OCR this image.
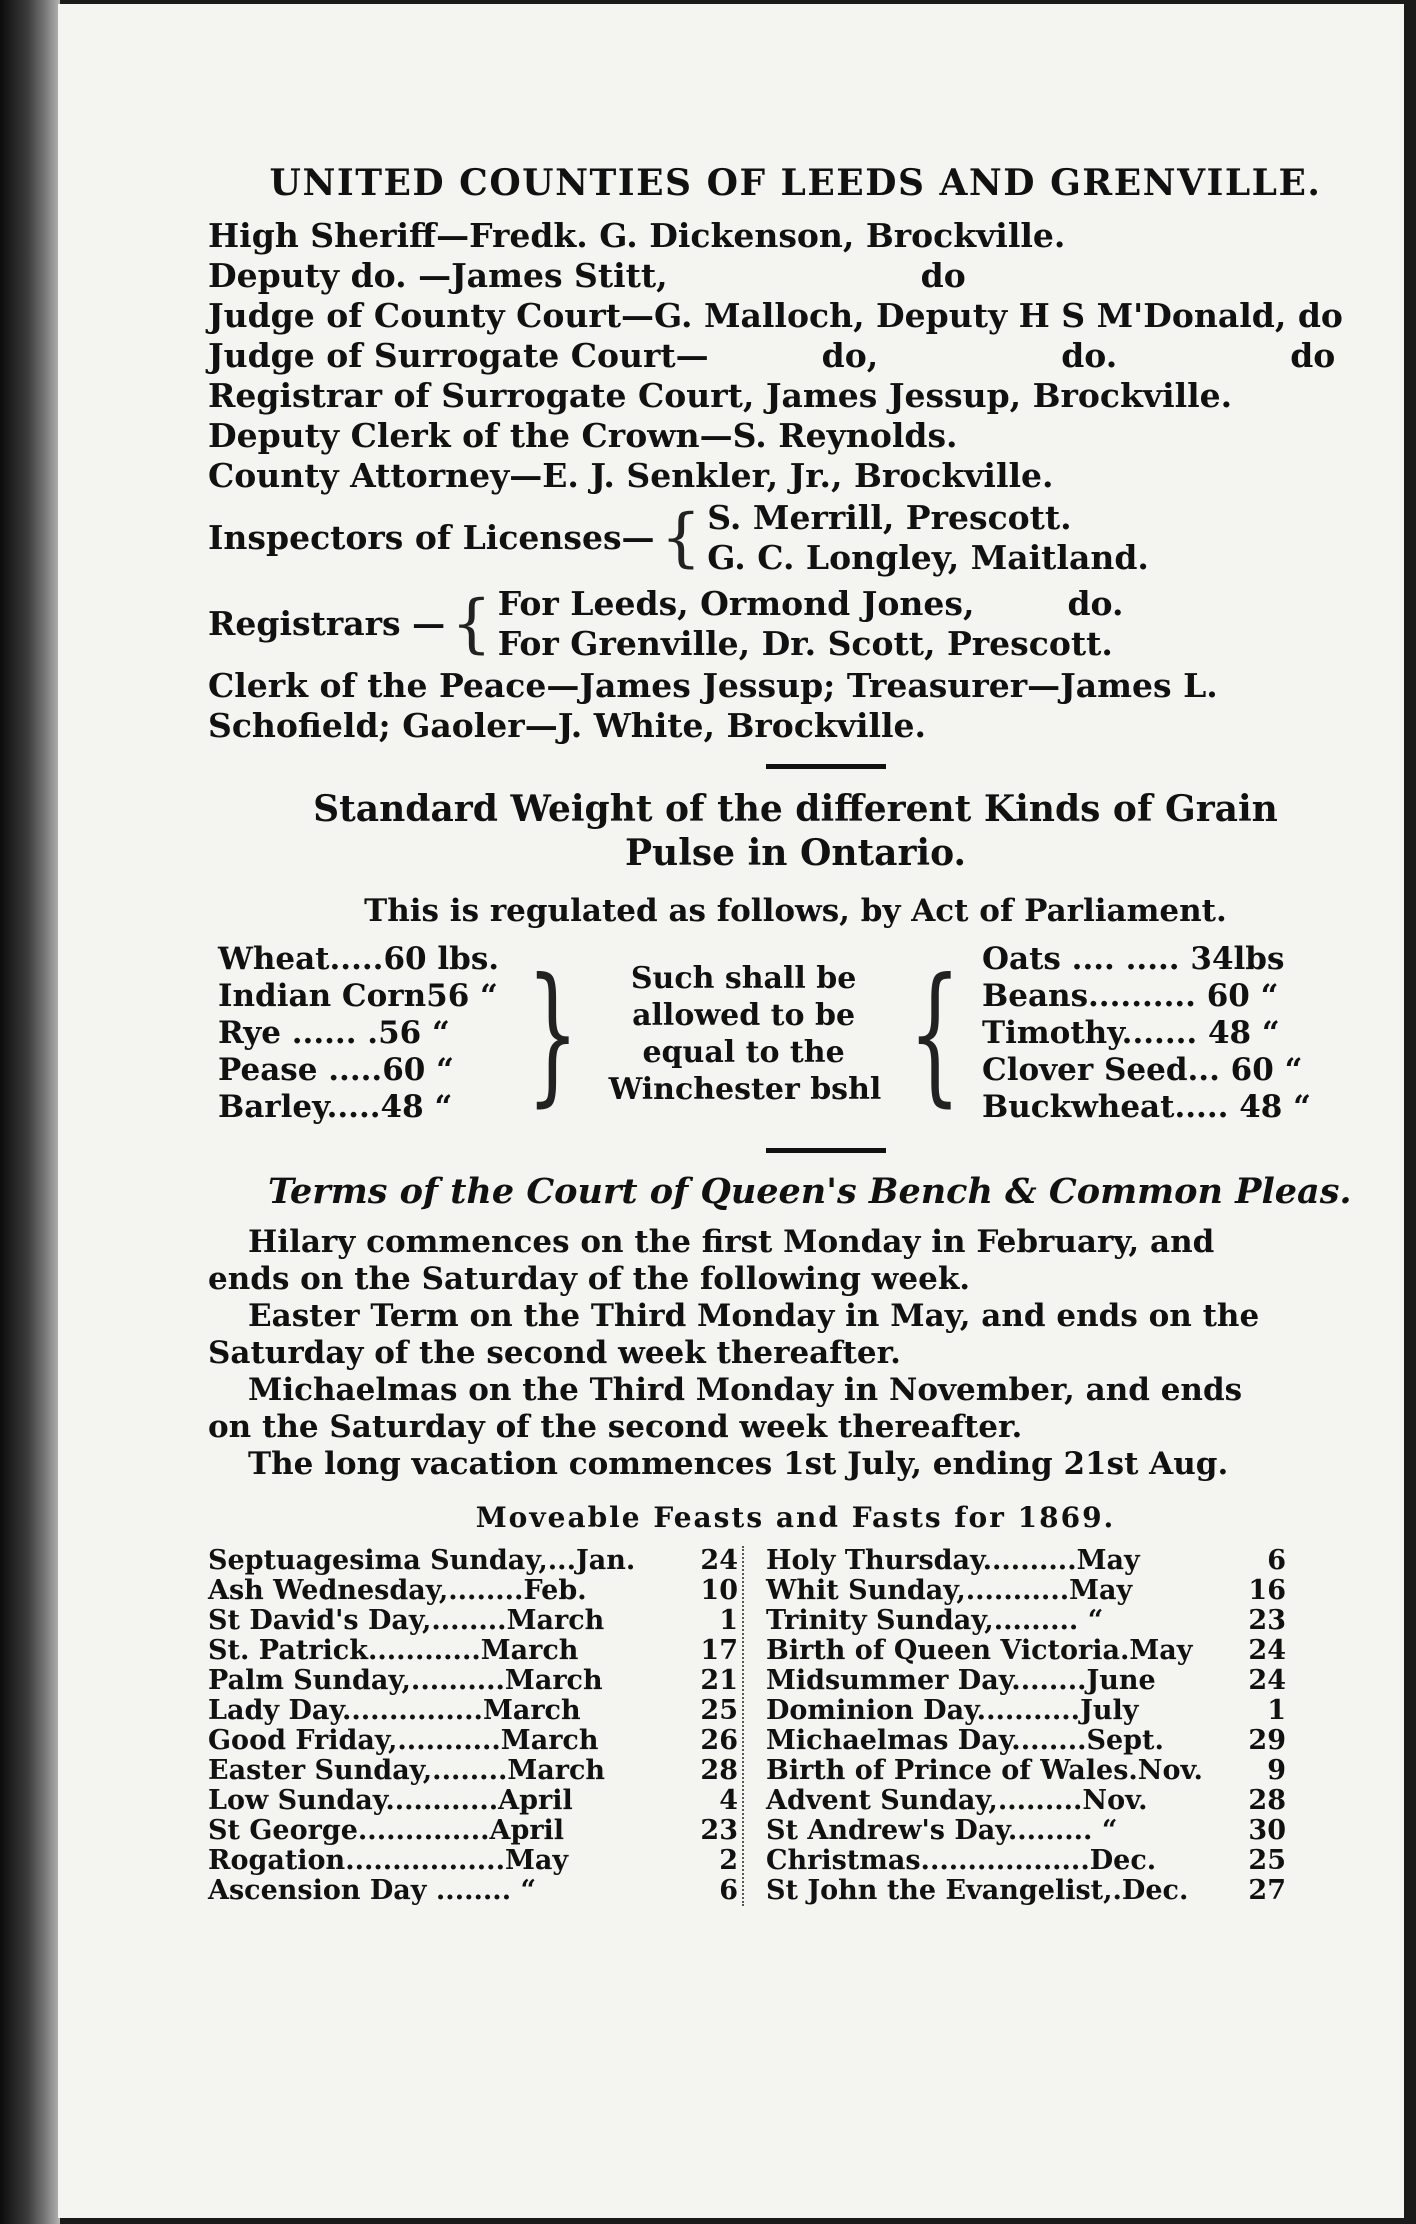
UNITED COUNTIES OF LEEDS AND GRENVILLE.
High Sheriff—Fredk. G. Dickenson, Brockville.
Deputy do. —James Stitt,	do
Judge of County Court—G. Malloch, Deputy H S M'Donald, do
Judge of Surrogate Court—	do,	do.	do
Registrar of Surrogate Court, James Jessup, Brockville.
Deputy Clerk of the Crown—S. Reynolds.
County Attorney—E. J. Senkler, Jr., Brockville.
Inspectors of Licenses— { S. Merrill, Prescott.
G. C. Longley, Maitland.
Registrars — { For Leeds, Ormond Jones,	do.
For Grenville, Dr. Scott, Prescott.
Clerk of the Peace—James Jessup; Treasurer—James L.
Schofield; Gaoler—J. White, Brockville.
Standard Weight of the different Kinds of Grain
Pulse in Ontario.
This is regulated as follows, by Act of Parliament.
Wheat.....60 lbs.
Indian Corn56 “
Rye ...... .56 “
Pease .....60 “
Barley.....48 “ }	Such shall be
allowed to be
equal to the
Winchester bshl { Oats .... ..... 34lbs
Beans.......... 60 “
Timothy....... 48 “
Clover Seed... 60 “
Buckwheat..... 48 “
Terms of the Court of Queen's Bench & Common Pleas.
Hilary commences on the first Monday in February, and
ends on the Saturday of the following week.
Easter Term on the Third Monday in May, and ends on the
Saturday of the second week thereafter.
Michaelmas on the Third Monday in November, and ends
on the Saturday of the second week thereafter.
The long vacation commences 1st July, ending 21st Aug.
Moveable Feasts and Fasts for 1869.
Septuagesima Sunday,...Jan. 24
Ash Wednesday,........Feb.	10
St David's Day,........March	1
St. Patrick............March	17
Palm Sunday,..........March	21
Lady Day...............March	25
Good Friday,...........March	26
Easter Sunday,........March	28
Low Sunday............April	4
St George..............April	23
Rogation.................May	2
Ascension Day ........ “	6
Holy Thursday..........May	6
Whit Sunday,...........May	16
Trinity Sunday,......... “	23
Birth of Queen Victoria.May 24
Midsummer Day........June	24
Dominion Day...........July	1
Michaelmas Day........Sept.	29
Birth of Prince of Wales.Nov.	9
Advent Sunday,.........Nov.	28
St Andrew's Day......... “	30
Christmas..................Dec.	25
St John the Evangelist,.Dec. 27
